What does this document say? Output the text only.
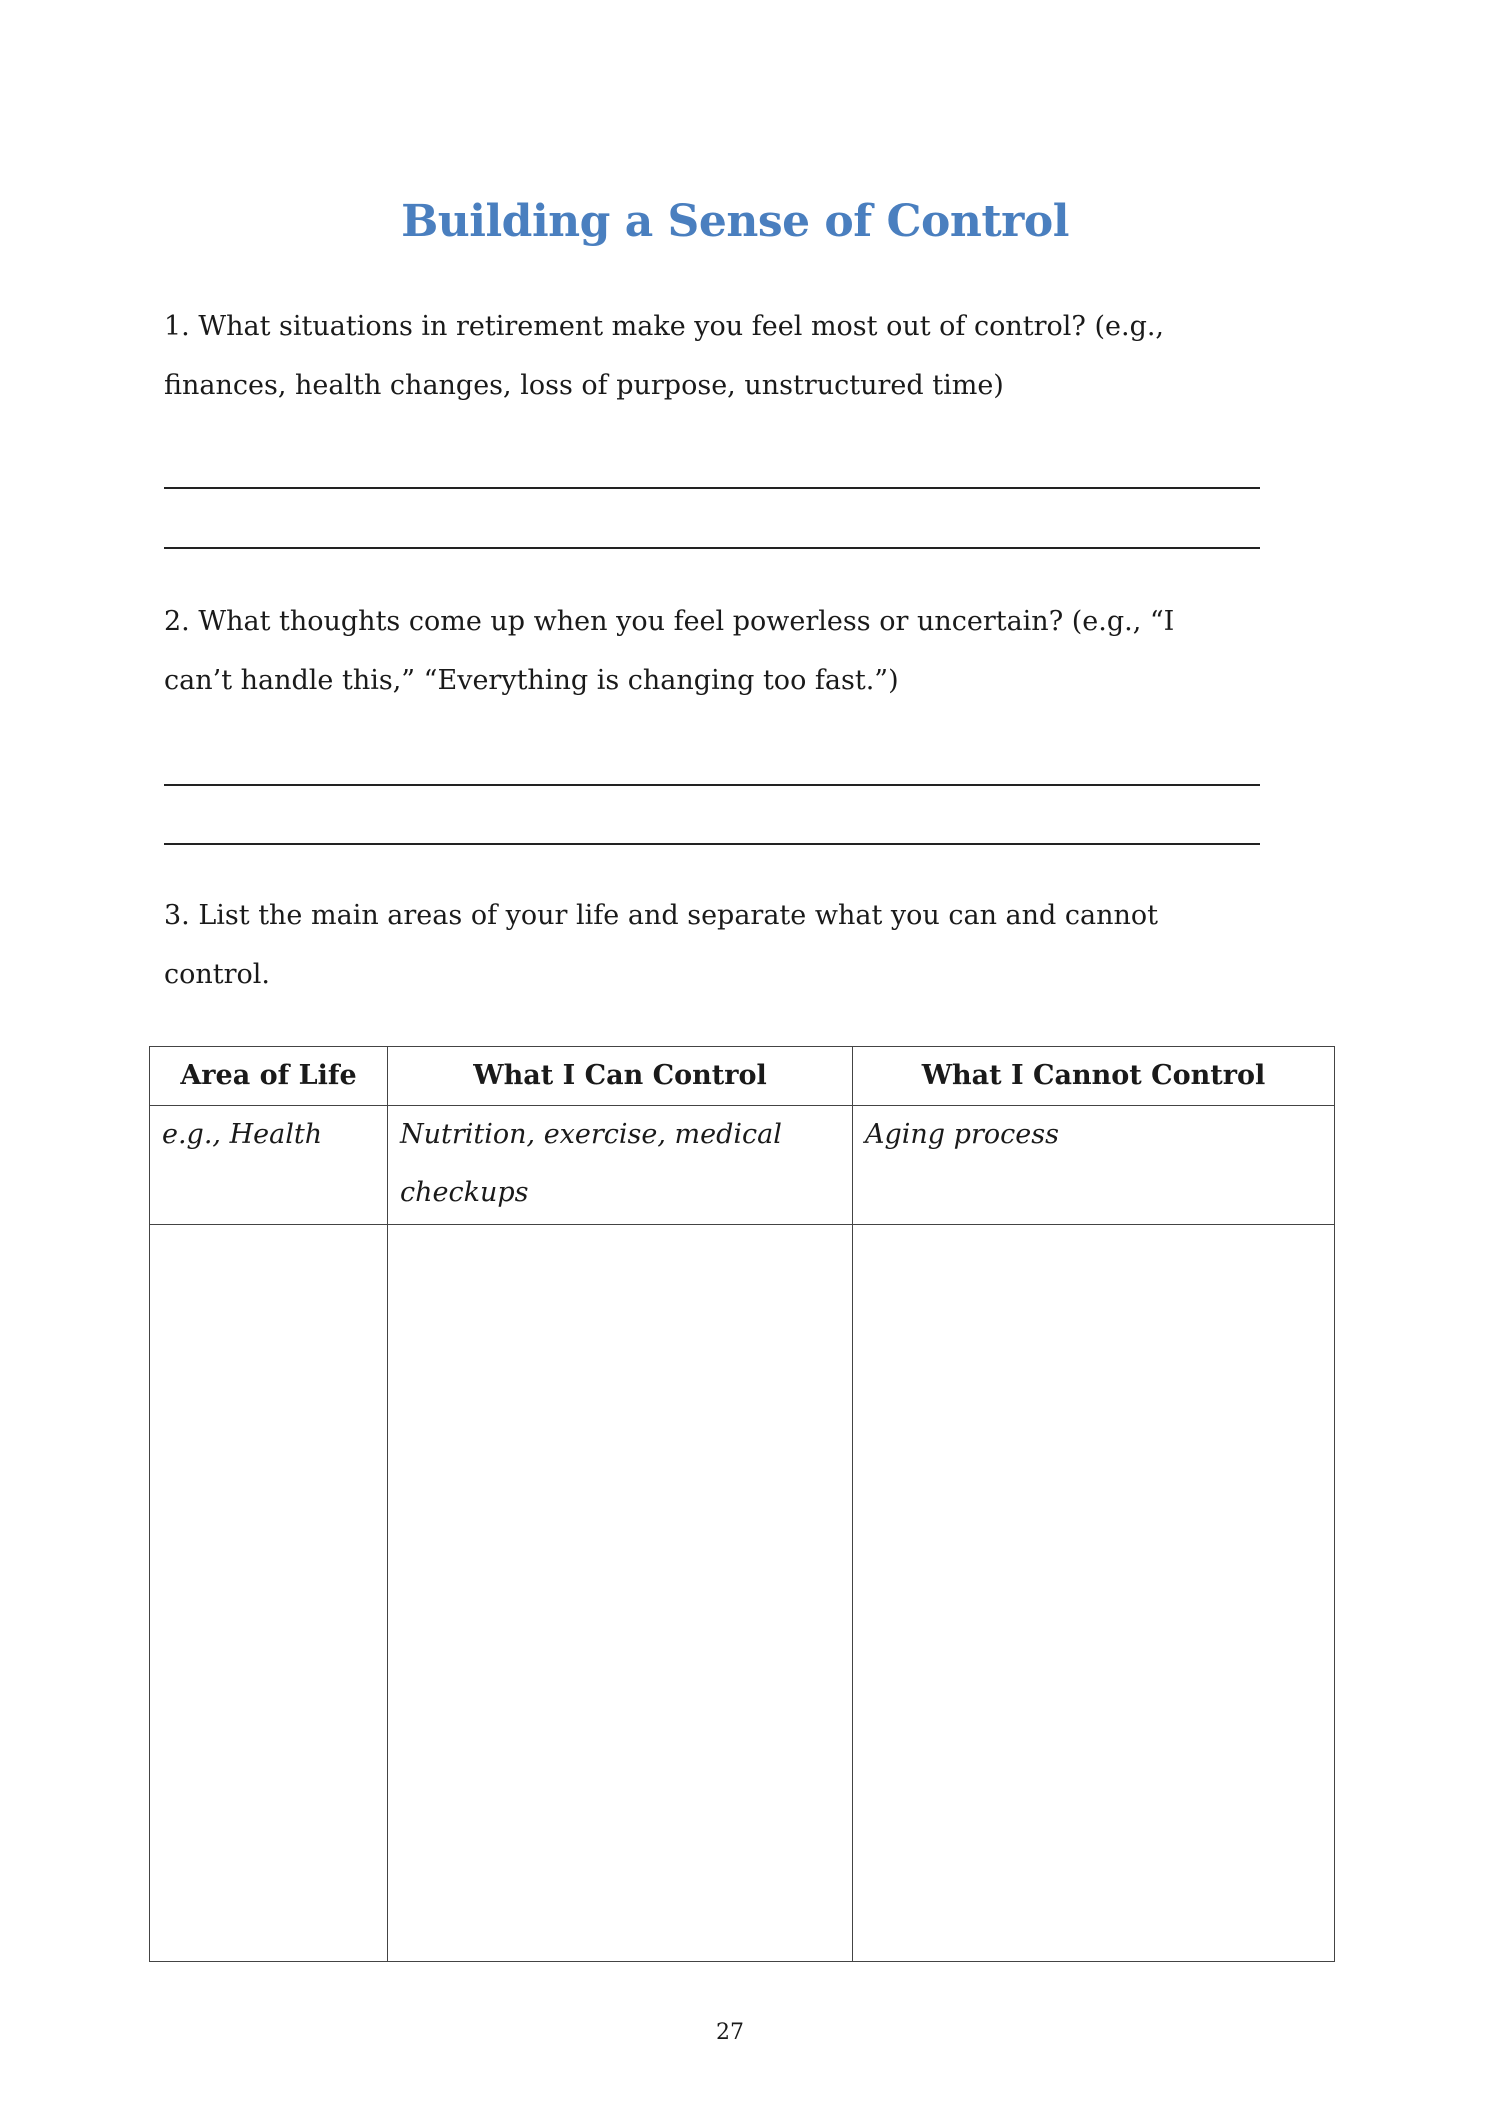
Building a Sense of Control
1. What situations in retirement make you feel most out of control? (e.g.,
finances, health changes, loss of purpose, unstructured time)
2. What thoughts come up when you feel powerless or uncertain? (e.g., “I
can’t handle this,” “Everything is changing too fast.”)
3. List the main areas of your life and separate what you can and cannot
control.
Area of Life	What I Can Control	What I Cannot Control
e.g., Health	Nutrition, exercise, medical checkups	Aging process

27
